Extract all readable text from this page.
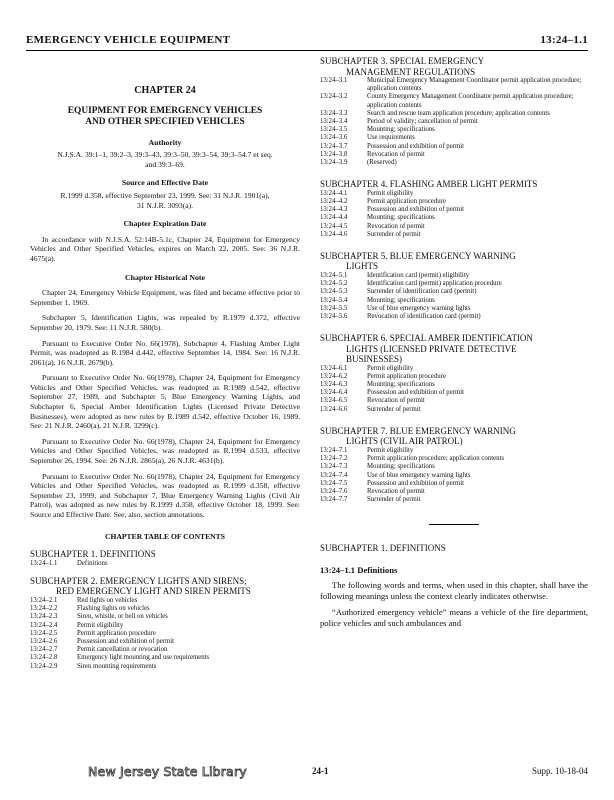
EMERGENCY VEHICLE EQUIPMENT	13:24–1.1
CHAPTER 24
EQUIPMENT FOR EMERGENCY VEHICLES AND OTHER SPECIFIED VEHICLES
Authority
N.J.S.A. 39:1–1, 39:2–3, 39:3–43, 39:3–50, 39:3–54, 39:3–54.7 et seq. and 39:3–69.
Source and Effective Date
R.1999 d.358, effective September 23, 1999. See: 31 N.J.R. 1901(a), 31 N.J.R. 3093(a).
Chapter Expiration Date

In accordance with N.J.S.A. 52:14B-5.1c, Chapter 24, Equipment for Emergency Vehicles and Other Specified Vehicles, expires on March 22, 2005. See: 36 N.J.R. 4675(a).

Chapter Historical Note

Chapter 24, Emergency Vehicle Equipment, was filed and became effective prior to September 1, 1969.

Subchapter 5, Identification Lights, was repealed by R.1979 d.372, effective September 20, 1979. See: 11 N.J.R. 580(b).

Pursuant to Executive Order No. 66(1978), Subchapter 4, Flashing Amber Light Permit, was readopted as R.1984 d.442, effective September 14, 1984. See: 16 N.J.R. 2061(a), 16 N.J.R. 2679(b).

Pursuant to Executive Order No. 66(1978), Chapter 24, Equipment for Emergency Vehicles and Other Specified Vehicles, was readopted as R.1989 d.542, effective September 27, 1989, and Subchapter 5, Blue Emergency Warning Lights, and Subchapter 6, Special Amber Identification Lights (Licensed Private Detective Businesses), were adopted as new rules by R.1989 d.542, effective October 16, 1989. See: 21 N.J.R. 2460(a), 21 N.J.R. 3299(c).

Pursuant to Executive Order No. 66(1978), Chapter 24, Equipment for Emergency Vehicles and Other Specified Vehicles, was readopted as R.1994 d.533, effective September 26, 1994. See: 26 N.J.R. 2865(a), 26 N.J.R. 4631(b).

Pursuant to Executive Order No. 66(1978), Chapter 24, Equipment for Emergency Vehicles and Other Specified Vehicles, was readopted as R.1999 d.358, effective September 23, 1999, and Subchapter 7, Blue Emergency Warning Lights (Civil Air Patrol), was adopted as new rules by R.1999 d.358, effective October 18, 1999. See: Source and Effective Date. See, also, section annotations.

CHAPTER TABLE OF CONTENTS
SUBCHAPTER 1. DEFINITIONS
13:24–1.1	Definitions
SUBCHAPTER 2. EMERGENCY LIGHTS AND SIRENS;
RED EMERGENCY LIGHT AND SIREN PERMITS
13:24–2.1	Red lights on vehicles
13:24–2.2	Flashing lights on vehicles
13:24–2.3	Siren, whistle, or bell on vehicles
13:24–2.4	Permit eligibility
13:24–2.5	Permit application procedure
13:24–2.6	Possession and exhibition of permit
13:24–2.7	Permit cancellation or revocation
13:24–2.8	Emergency light mounting and use requirements
13:24–2.9	Siren mounting requirements
SUBCHAPTER 3. SPECIAL EMERGENCY
MANAGEMENT REGULATIONS
13:24–3.1	Municipal Emergency Management Coordinator permit application procedure; application contents
13:24–3.2	County Emergency Management Coordinator permit application procedure; application contents
13:24–3.3	Search and rescue team application procedure; application contents
13:24–3.4	Period of validity; cancellation of permit
13:24–3.5	Mounting; specifications
13:24–3.6	Use requirements
13:24–3.7	Possession and exhibition of permit
13:24–3.8	Revocation of permit
13:24–3.9	(Reserved)
SUBCHAPTER 4. FLASHING AMBER LIGHT PERMITS
13:24–4.1	Permit eligibility
13:24–4.2	Permit application procedure
13:24–4.3	Possession and exhibition of permit
13:24–4.4	Mounting; specifications
13:24–4.5	Revocation of permit
13:24–4.6	Surrender of permit
SUBCHAPTER 5. BLUE EMERGENCY WARNING
LIGHTS
13:24–5.1	Identification card (permit) eligibility
13:24–5.2	Identification card (permit) application procedure
13:24–5.3	Surrender of identification card (permit)
13:24–5.4	Mounting; specifications
13:24–5.5	Use of blue emergency warning lights
13:24–5.6	Revocation of identification card (permit)
SUBCHAPTER 6. SPECIAL AMBER IDENTIFICATION
LIGHTS (LICENSED PRIVATE DETECTIVE
BUSINESSES)
13:24–6.1	Permit eligibility
13:24–6.2	Permit application procedure
13:24–6.3	Mounting; specifications
13:24–6.4	Possession and exhibition of permit
13:24–6.5	Revocation of permit
13:24–6.6	Surrender of permit
SUBCHAPTER 7. BLUE EMERGENCY WARNING
LIGHTS (CIVIL AIR PATROL)
13:24–7.1	Permit eligibility
13:24–7.2	Permit application procedure; application contents
13:24–7.3	Mounting; specifications
13:24–7.4	Use of blue emergency warning lights
13:24–7.5	Possession and exhibition of permit
13:24–7.6	Revocation of permit
13:24–7.7	Surrender of permit
SUBCHAPTER 1. DEFINITIONS
13:24–1.1 Definitions

The following words and terms, when used in this chapter, shall have the following meanings unless the context clearly indicates otherwise.

“Authorized emergency vehicle” means a vehicle of the fire department, police vehicles and such ambulances and

New Jersey State Library	24-1	Supp. 10-18-04
